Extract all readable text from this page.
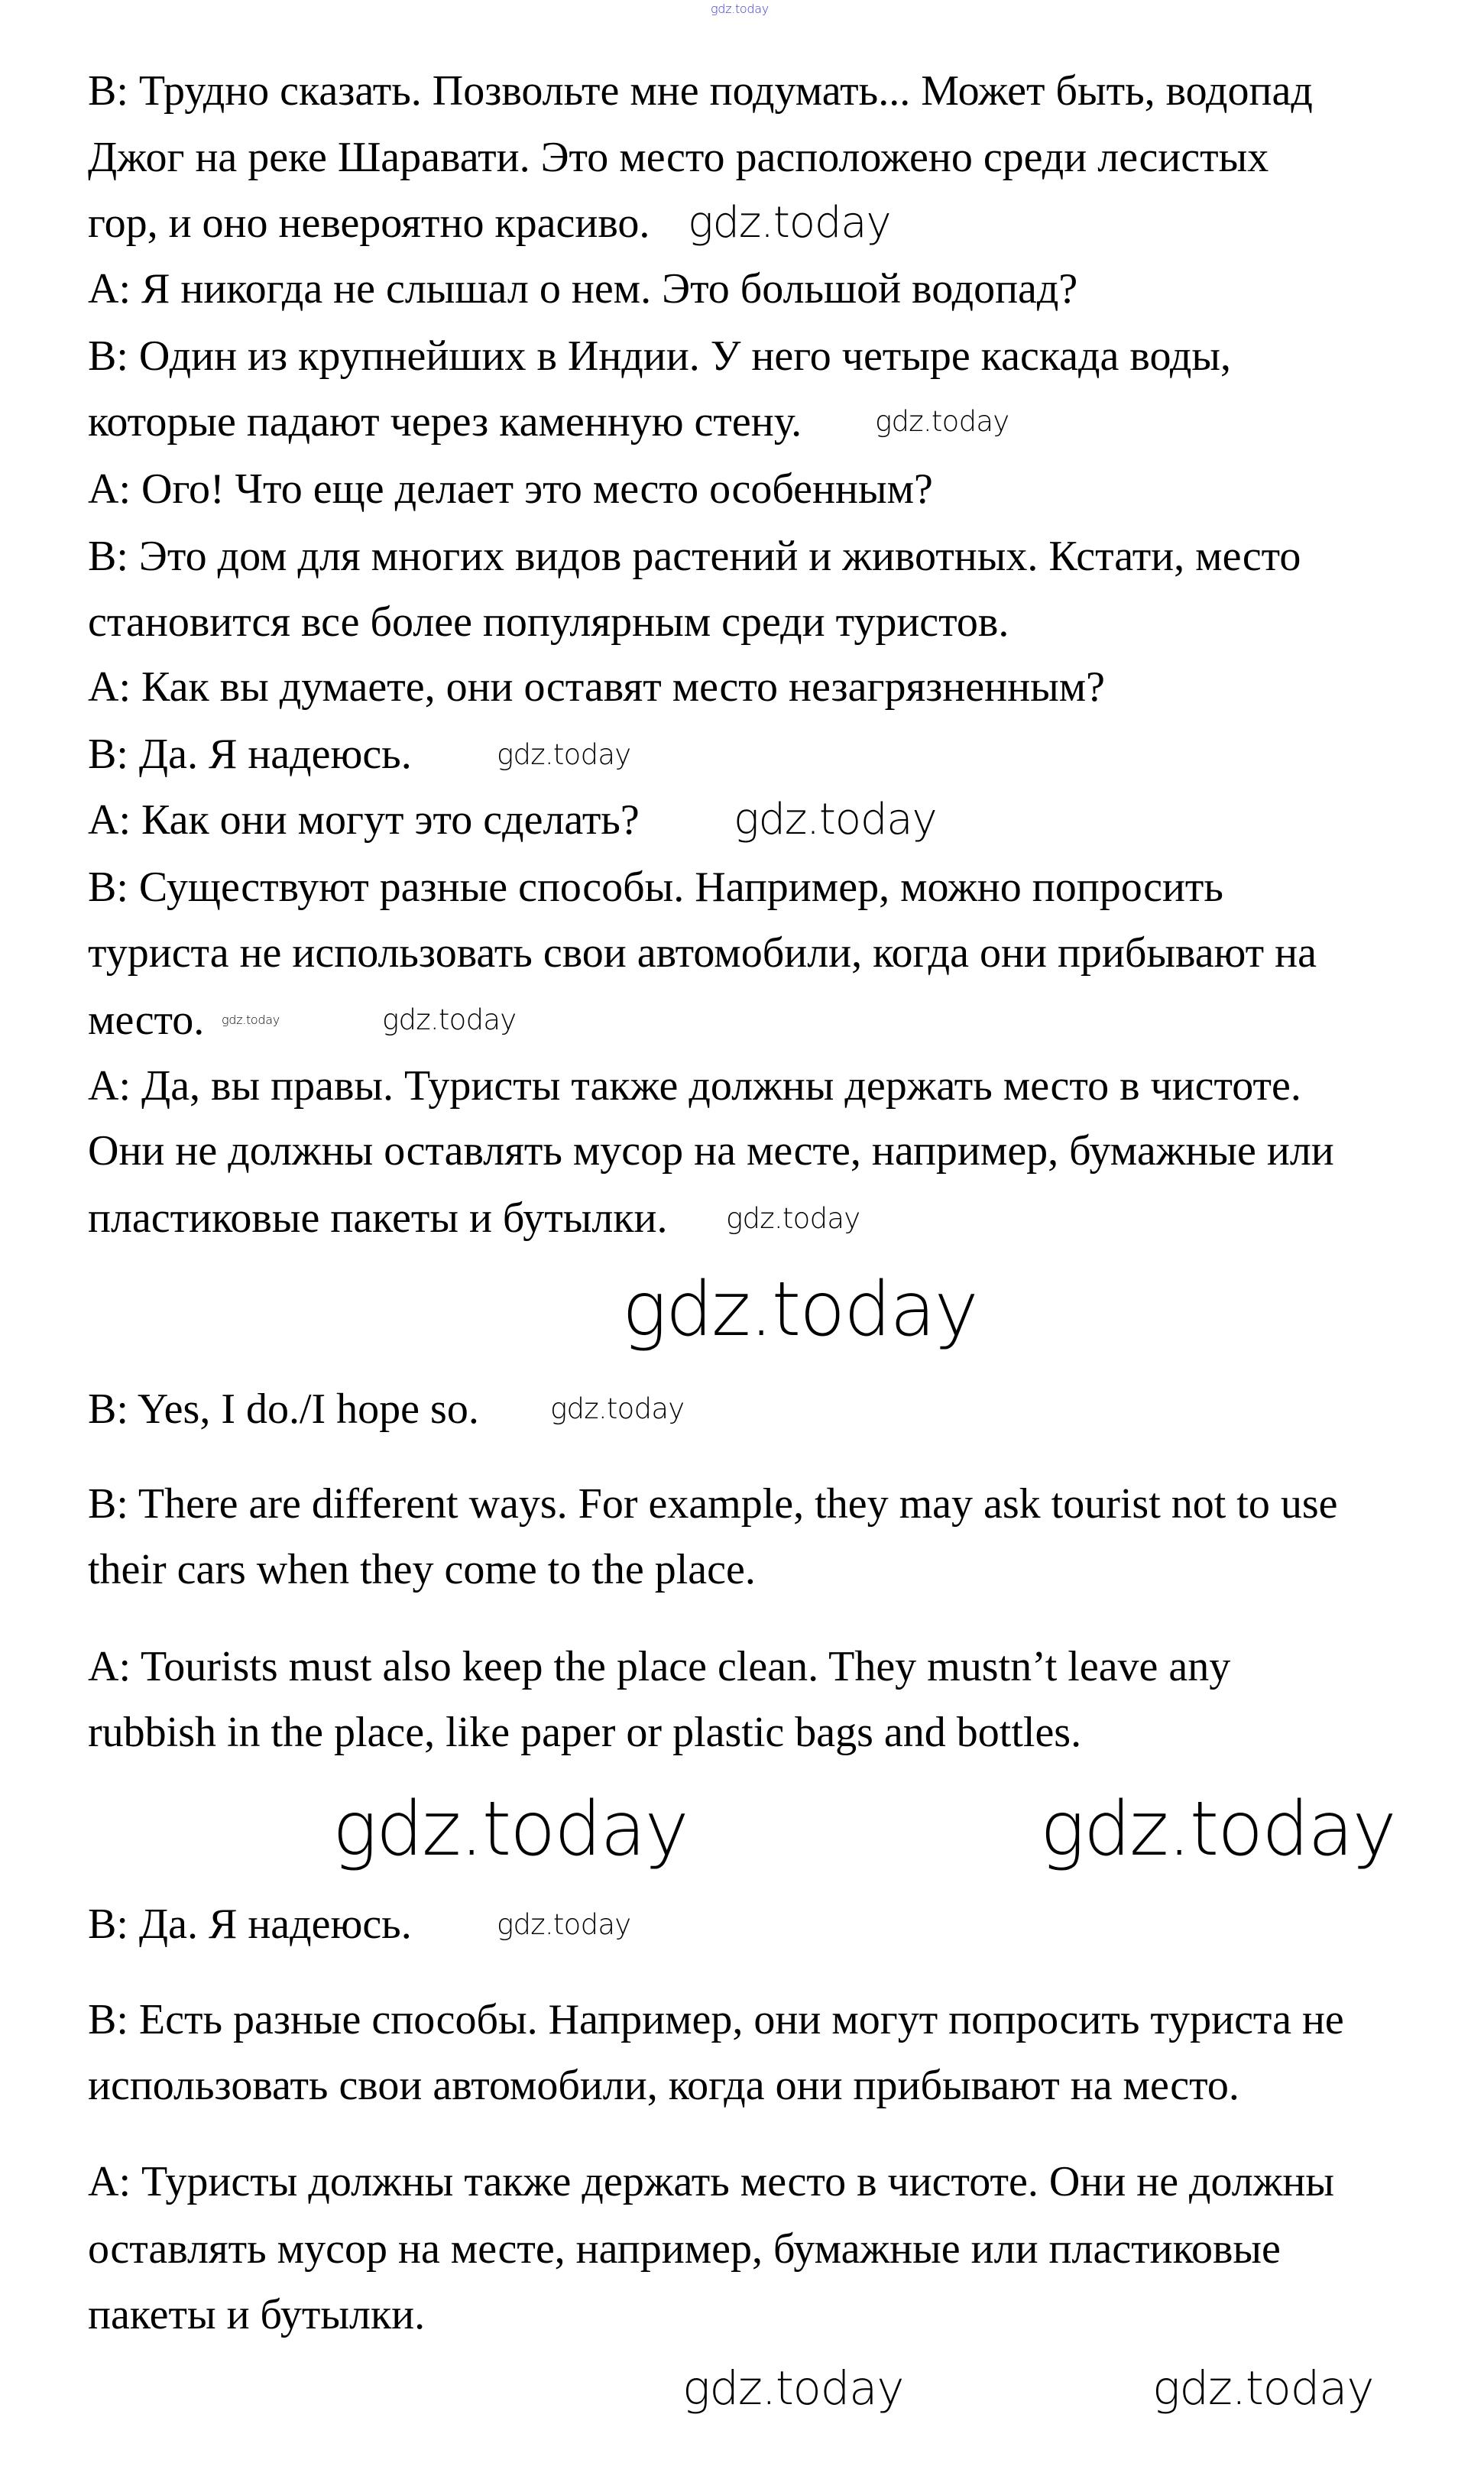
B: Трудно сказать. Позвольте мне подумать... Может быть, водопад
Джог на реке Шаравати. Это место расположено среди лесистых
гор, и оно невероятно красиво.
A: Я никогда не слышал о нем. Это большой водопад?
B: Один из крупнейших в Индии. У него четыре каскада воды,
которые падают через каменную стену.
A: Ого! Что еще делает это место особенным?
B: Это дом для многих видов растений и животных. Кстати, место
становится все более популярным среди туристов.
A: Как вы думаете, они оставят место незагрязненным?
B: Да. Я надеюсь.
A: Как они могут это сделать?
B: Существуют разные способы. Например, можно попросить
туриста не использовать свои автомобили, когда они прибывают на
место.
A: Да, вы правы. Туристы также должны держать место в чистоте.
Они не должны оставлять мусор на месте, например, бумажные или
пластиковые пакеты и бутылки.
B: Yes, I do./I hope so.
B: There are different ways. For example, they may ask tourist not to use
their cars when they come to the place.
A: Tourists must also keep the place clean. They mustn’t leave any
rubbish in the place, like paper or plastic bags and bottles.
B: Да. Я надеюсь.
B: Есть разные способы. Например, они могут попросить туриста не
использовать свои автомобили, когда они прибывают на место.
A: Туристы должны также держать место в чистоте. Они не должны
оставлять мусор на месте, например, бумажные или пластиковые
пакеты и бутылки.
gdz.today
gdz.today
gdz.today
gdz.today
gdz.today
gdz.today
gdz.today
gdz.today
gdz.today
gdz.today	gdz.today
gdz.today
gdz.today	gdz.today
gdz.today
